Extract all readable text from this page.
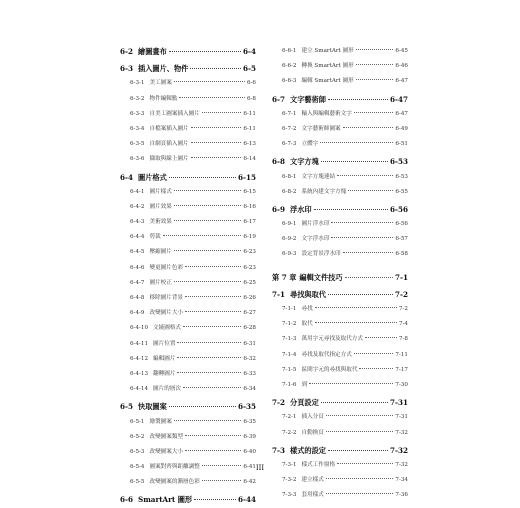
6-2 繪圖畫布	6-4
6-3 插入圖片、物件	6-5
6-3-1 美工圖案	6-6
6-3-2 物件編輯點	6-8
6-3-3 自美工圖案插入圖片	6-11
6-3-4 自檔案插入圖片	6-11
6-3-5 自網頁插入圖片	6-13
6-3-6 擷取與線上圖片	6-14
6-4 圖片格式	6-15
6-4-1 圖片樣式	6-15
6-4-2 圖片效果	6-16
6-4-3 美術效果	6-17
6-4-4 剪裁	6-19
6-4-5 壓縮圖片	6-23
6-4-6 變更圖片色彩	6-23
6-4-7 圖片校正	6-25
6-4-8 移除圖片背景	6-26
6-4-9 改變圖片大小	6-27
6-4-10 文繞圖格式	6-28
6-4-11 圖片位置	6-31
6-4-12 編輯圖片	6-32
6-4-13 翻轉圖片	6-33
6-4-14 圖片的層次	6-34
6-5 快取圖案	6-35
6-5-1 繪製圖案	6-35
6-5-2 改變圖案類型	6-39
6-5-3 改變圖案大小	6-40
6-5-4 圖案對齊與距離調整	6-41
6-5-5 改變圖案的漸層色彩	6-42
6-6 SmartArt 圖形	6-44
6-6-1 建立 SmartArt 圖形	6-45
6-6-2 轉換 SmartArt 圖形	6-46
6-6-3 編輯 SmartArt 圖形	6-47
6-7 文字藝術師	6-47
6-7-1 輸入與編輯藝術文字	6-47
6-7-2 文字藝術師圖案	6-49
6-7-3 立體字	6-51
6-8 文字方塊	6-53
6-8-1 文字方塊連結	6-53
6-8-2 系統內建文字方塊	6-55
6-9 浮水印	6-56
6-9-1 圖片浮水印	6-56
6-9-2 文字浮水印	6-57
6-9-3 設定背景浮水印	6-58
第 7 章 編輯文件技巧	7-1
7-1 尋找與取代	7-2
7-1-1 尋找	7-2
7-1-2 取代	7-4
7-1-3 萬用字元尋找及取代方式	7-8
7-1-4 尋找及取代指定方式	7-11
7-1-5 區間字元的尋找與取代	7-17
7-1-6 到	7-30
7-2 分頁設定	7-31
7-2-1 插入分頁	7-31
7-2-2 自動換頁	7-32
7-3 樣式的設定	7-32
7-3-1 樣式工作窗格	7-32
7-3-2 建立樣式	7-34
7-3-3 套用樣式	7-36
III
